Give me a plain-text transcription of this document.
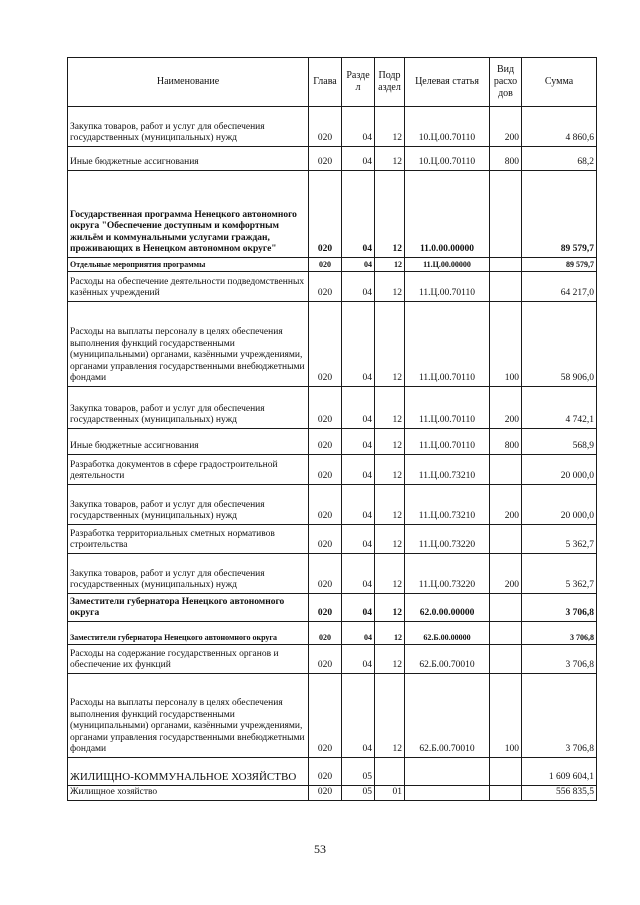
Наименование	Глава	Разде л	Подр аздел	Целевая статья	Вид расхо дов	Сумма
Закупка товаров, работ и услуг для обеспечения государственных (муниципальных) нужд	020	04	12	10.Ц.00.70110	200	4 860,6
Иные бюджетные ассигнования	020	04	12	10.Ц.00.70110	800	68,2
Государственная программа Ненецкого автономного округа "Обеспечение доступным и комфортным жильём и коммунальными услугами граждан, проживающих в Ненецком автономном округе"	020	04	12	11.0.00.00000		89 579,7
Отдельные мероприятия программы	020	04	12	11.Ц.00.00000		89 579,7
Расходы на обеспечение деятельности подведомственных казённых учреждений	020	04	12	11.Ц.00.70110		64 217,0
Расходы на выплаты персоналу в целях обеспечения выполнения функций государственными (муниципальными) органами, казёнными учреждениями, органами управления государственными внебюджетными фондами	020	04	12	11.Ц.00.70110	100	58 906,0
Закупка товаров, работ и услуг для обеспечения государственных (муниципальных) нужд	020	04	12	11.Ц.00.70110	200	4 742,1
Иные бюджетные ассигнования	020	04	12	11.Ц.00.70110	800	568,9
Разработка документов в сфере градостроительной деятельности	020	04	12	11.Ц.00.73210		20 000,0
Закупка товаров, работ и услуг для обеспечения государственных (муниципальных) нужд	020	04	12	11.Ц.00.73210	200	20 000,0
Разработка территориальных сметных нормативов строительства	020	04	12	11.Ц.00.73220		5 362,7
Закупка товаров, работ и услуг для обеспечения государственных (муниципальных) нужд	020	04	12	11.Ц.00.73220	200	5 362,7
Заместители губернатора Ненецкого автономного округа	020	04	12	62.0.00.00000		3 706,8
Заместители губернатора Ненецкого автономного округа	020	04	12	62.Б.00.00000		3 706,8
Расходы на содержание государственных органов и обеспечение их функций	020	04	12	62.Б.00.70010		3 706,8
Расходы на выплаты персоналу в целях обеспечения выполнения функций государственными (муниципальными) органами, казёнными учреждениями, органами управления государственными внебюджетными фондами	020	04	12	62.Б.00.70010	100	3 706,8
ЖИЛИЩНО-КОММУНАЛЬНОЕ ХОЗЯЙСТВО	020	05				1 609 604,1
Жилищное хозяйство	020	05	01			556 835,5
53
